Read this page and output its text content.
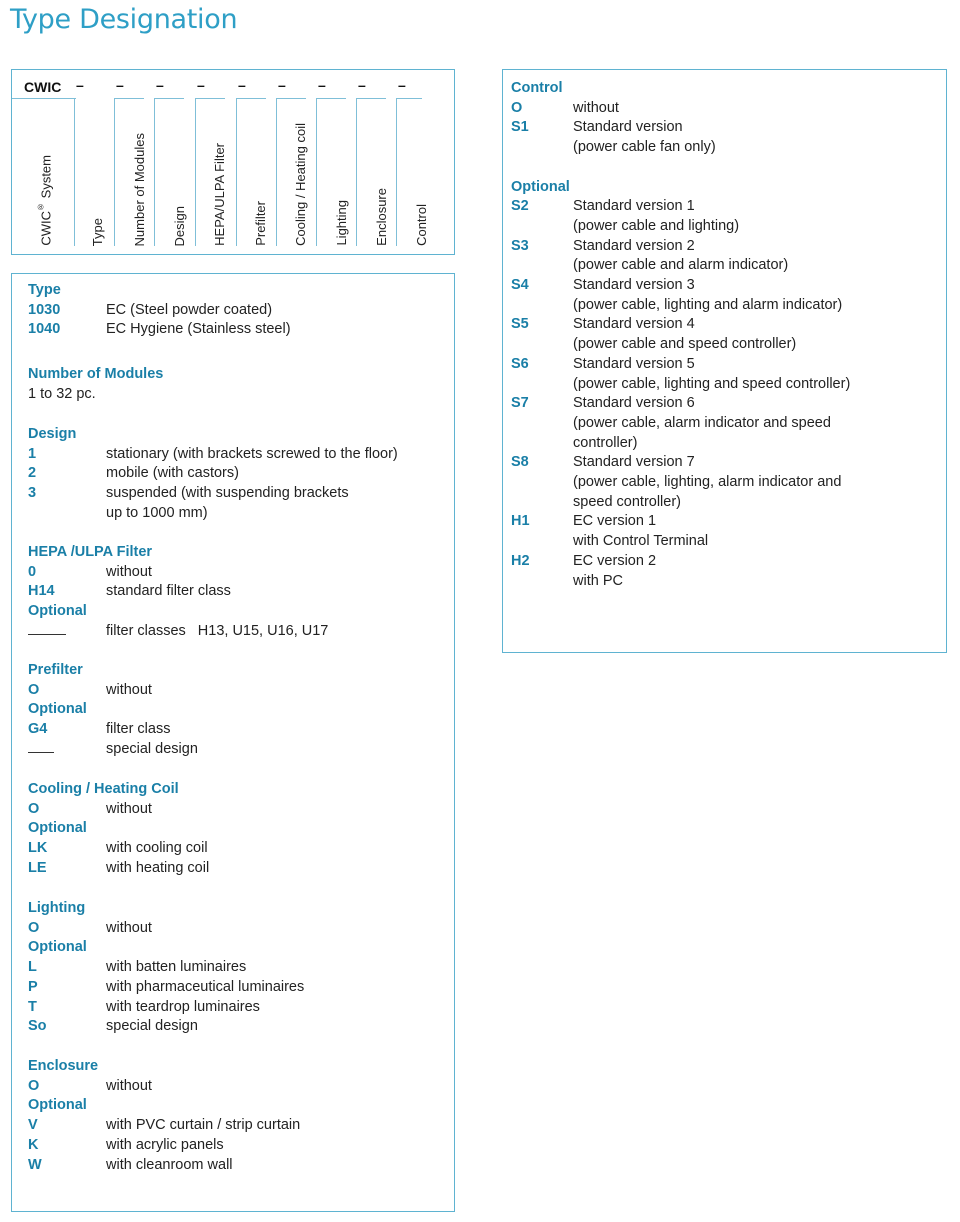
Type Designation
CWIC – – – – – – – – –
CWIC® System
Type Number of Modules Design HEPA/ULPA Filter Prefilter Cooling / Heating coil Lighting Enclosure Control
Type
1030	EC (Steel powder coated)
1040	EC Hygiene (Stainless steel)
Number of Modules
1 to 32 pc.
Design
1	stationary (with brackets screwed to the floor)
2	mobile (with castors)
3	suspended (with suspending brackets
up to 1000 mm)
HEPA /ULPA Filter
0	without
H14	standard filter class
Optional
filter classes H13, U15, U16, U17
Prefilter
O	without
Optional
G4	filter class
special design
Cooling / Heating Coil
O	without
Optional
LK	with cooling coil
LE	with heating coil
Lighting
O	without
Optional
L	with batten luminaires
P	with pharmaceutical luminaires
T	with teardrop luminaires
So	special design
Enclosure
O	without
Optional
V	with PVC curtain / strip curtain
K	with acrylic panels
W	with cleanroom wall
Control
O	without
S1	Standard version
(power cable fan only)
Optional
S2	Standard version 1
(power cable and lighting)
S3	Standard version 2
(power cable and alarm indicator)
S4	Standard version 3
(power cable, lighting and alarm indicator)
S5	Standard version 4
(power cable and speed controller)
S6	Standard version 5
(power cable, lighting and speed controller)
S7	Standard version 6
(power cable, alarm indicator and speed
controller)
S8	Standard version 7
(power cable, lighting, alarm indicator and
speed controller)
H1	EC version 1
with Control Terminal
H2	EC version 2
with PC
